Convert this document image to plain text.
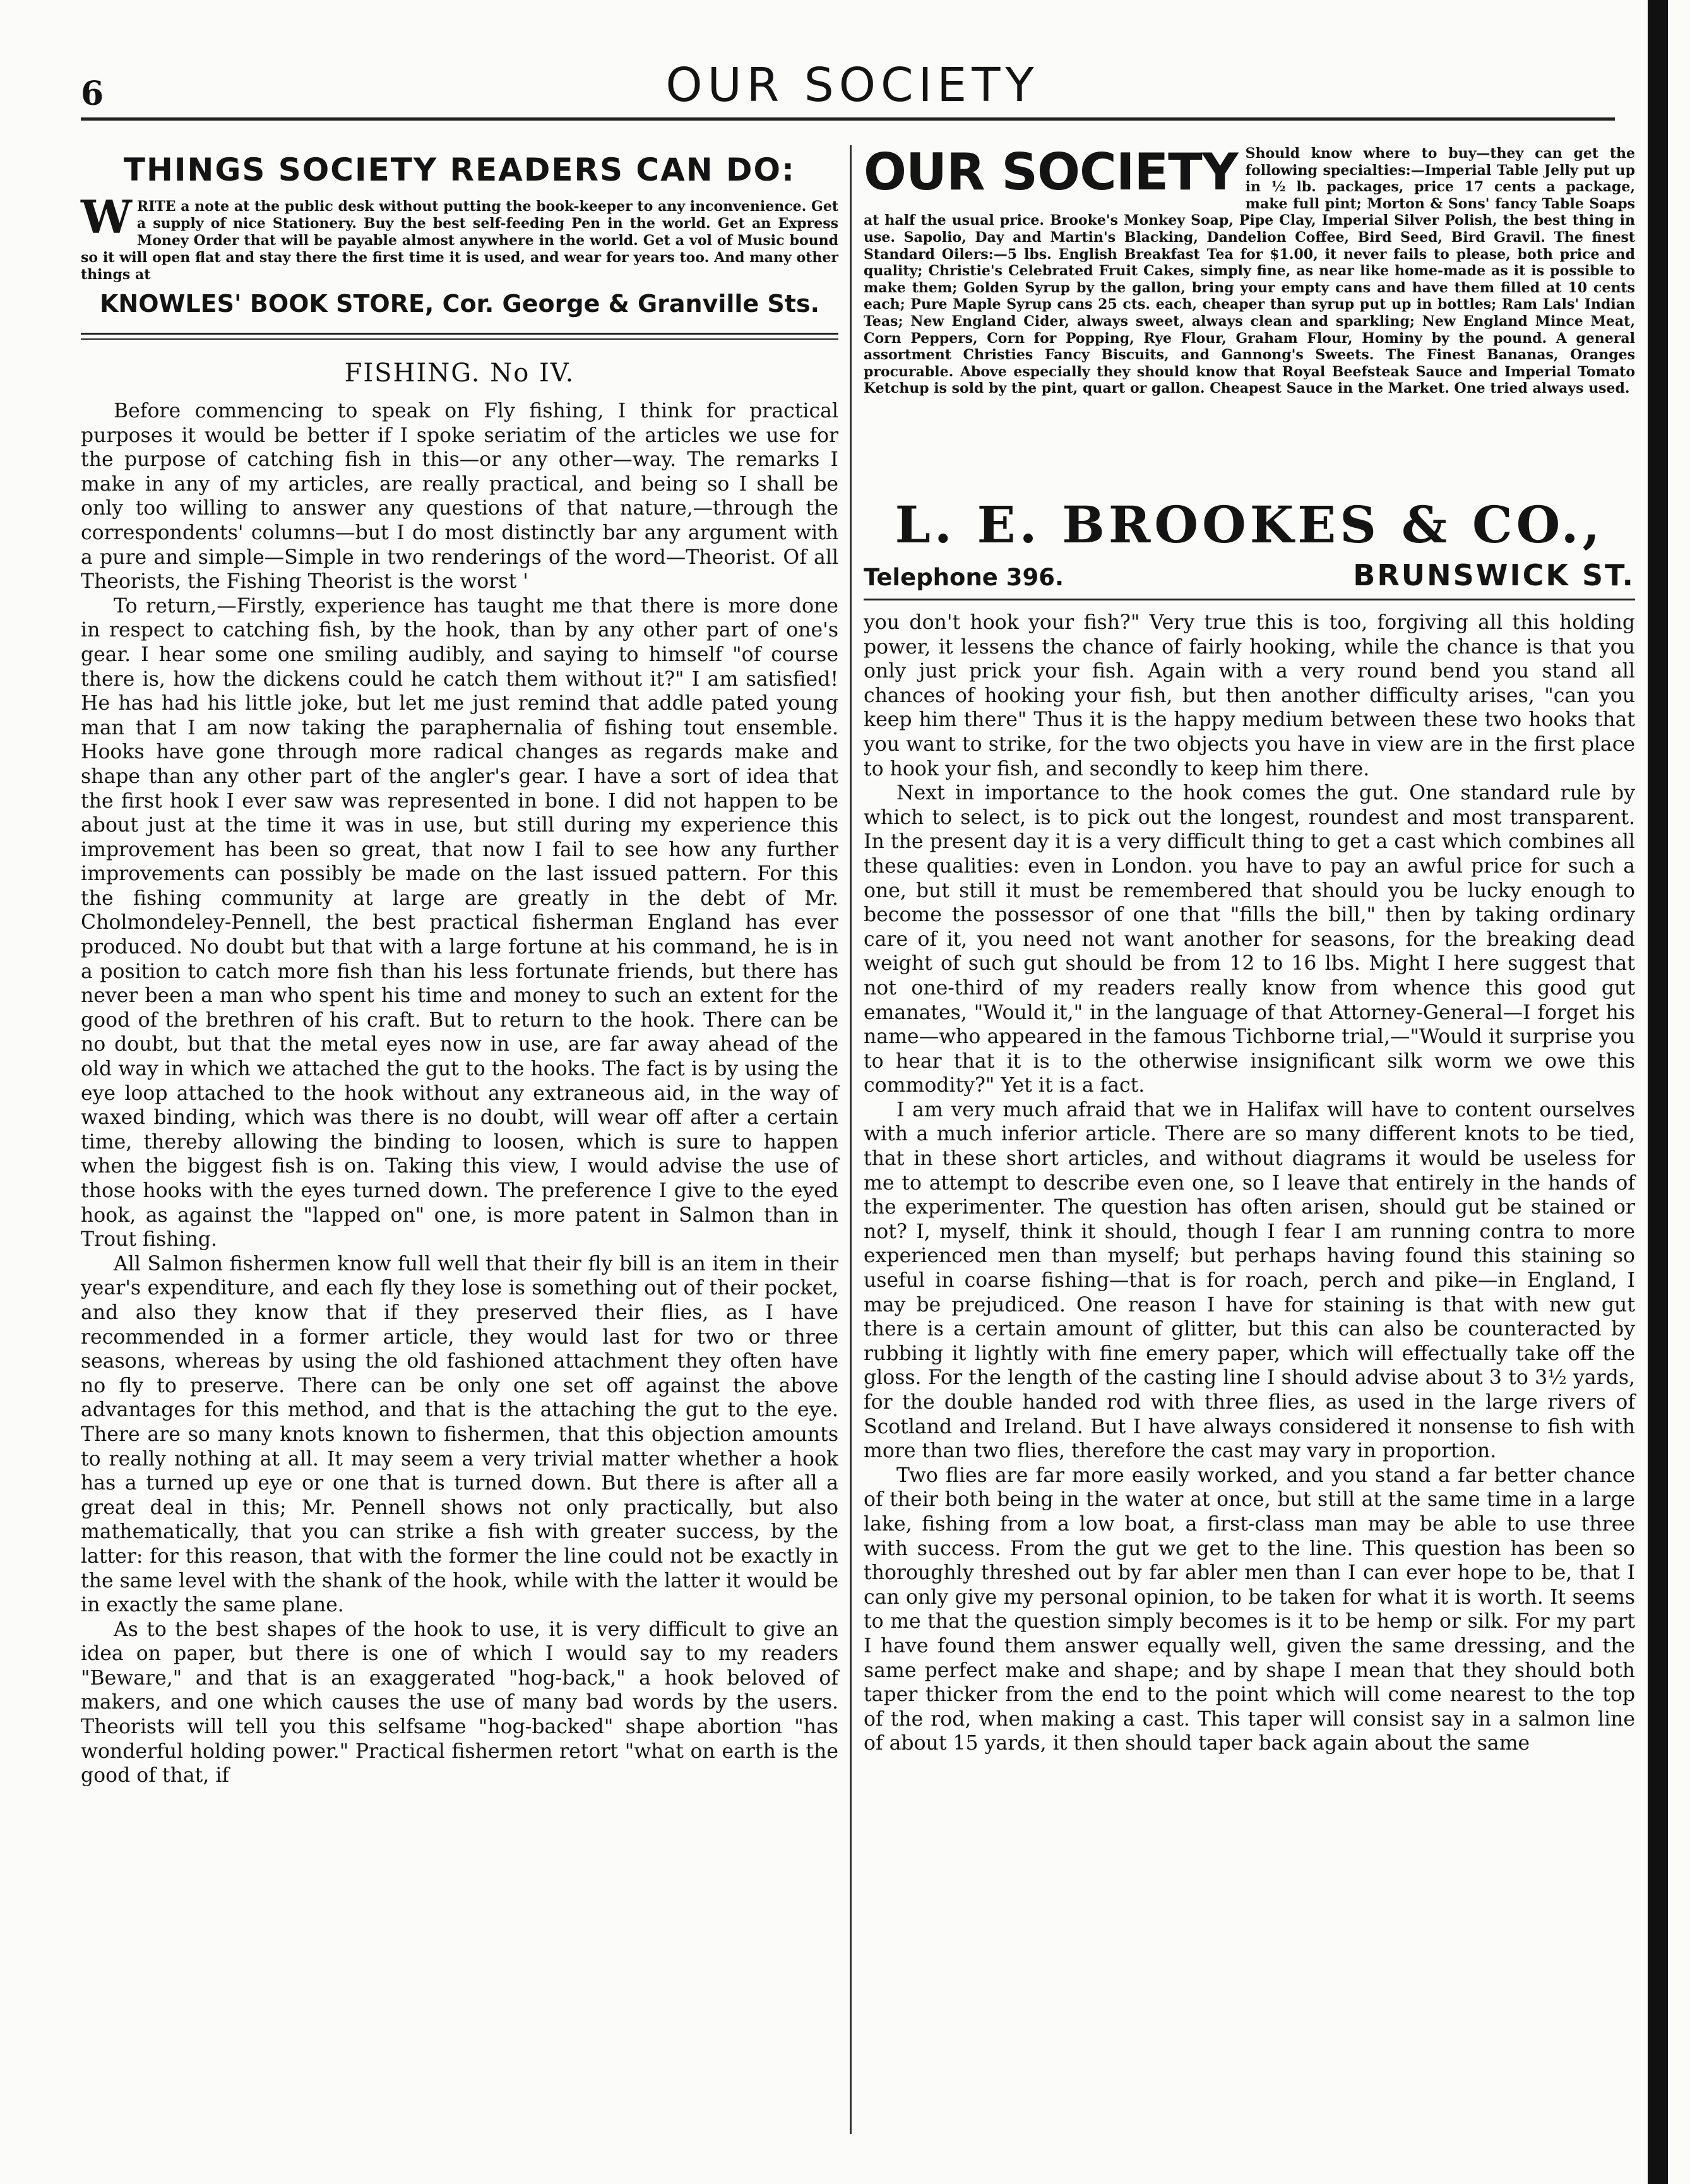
6	OUR SOCIETY
THINGS SOCIETY READERS CAN DO:
W RITE a note at the public desk without putting the book-keeper to any inconvenience. Get a supply of nice Stationery. Buy the best self-feeding Pen in the world. Get an Express Money Order that will be payable almost anywhere in the world. Get a vol of Music bound so it will open flat and stay there the first time it is used, and wear for years too. And many other things at
KNOWLES' BOOK STORE, Cor. George & Granville Sts.
FISHING. No IV.

Before commencing to speak on Fly fishing, I think for practical purposes it would be better if I spoke seriatim of the articles we use for the purpose of catching fish in this—or any other—way. The remarks I make in any of my articles, are really practical, and being so I shall be only too willing to answer any questions of that nature,—through the correspondents' columns—but I do most distinctly bar any argument with a pure and simple—Simple in two renderings of the word—Theorist. Of all Theorists, the Fishing Theorist is the worst '

To return,—Firstly, experience has taught me that there is more done in respect to catching fish, by the hook, than by any other part of one's gear. I hear some one smiling audibly, and saying to himself "of course there is, how the dickens could he catch them without it?" I am satisfied! He has had his little joke, but let me just remind that addle pated young man that I am now taking the paraphernalia of fishing tout ensemble. Hooks have gone through more radical changes as regards make and shape than any other part of the angler's gear. I have a sort of idea that the first hook I ever saw was represented in bone. I did not happen to be about just at the time it was in use, but still during my experience this improvement has been so great, that now I fail to see how any further improvements can possibly be made on the last issued pattern. For this the fishing community at large are greatly in the debt of Mr. Cholmondeley-Pennell, the best practical fisherman England has ever produced. No doubt but that with a large fortune at his command, he is in a position to catch more fish than his less fortunate friends, but there has never been a man who spent his time and money to such an extent for the good of the brethren of his craft. But to return to the hook. There can be no doubt, but that the metal eyes now in use, are far away ahead of the old way in which we attached the gut to the hooks. The fact is by using the eye loop attached to the hook without any extraneous aid, in the way of waxed binding, which was there is no doubt, will wear off after a certain time, thereby allowing the binding to loosen, which is sure to happen when the biggest fish is on. Taking this view, I would advise the use of those hooks with the eyes turned down. The preference I give to the eyed hook, as against the "lapped on" one, is more patent in Salmon than in Trout fishing.

All Salmon fishermen know full well that their fly bill is an item in their year's expenditure, and each fly they lose is something out of their pocket, and also they know that if they preserved their flies, as I have recommended in a former article, they would last for two or three seasons, whereas by using the old fashioned attachment they often have no fly to preserve. There can be only one set off against the above advantages for this method, and that is the attaching the gut to the eye. There are so many knots known to fishermen, that this objection amounts to really nothing at all. It may seem a very trivial matter whether a hook has a turned up eye or one that is turned down. But there is after all a great deal in this; Mr. Pennell shows not only practically, but also mathematically, that you can strike a fish with greater success, by the latter: for this reason, that with the former the line could not be exactly in the same level with the shank of the hook, while with the latter it would be in exactly the same plane.

As to the best shapes of the hook to use, it is very difficult to give an idea on paper, but there is one of which I would say to my readers "Beware," and that is an exaggerated "hog-back," a hook beloved of makers, and one which causes the use of many bad words by the users. Theorists will tell you this selfsame "hog-backed" shape abortion "has wonderful holding power." Practical fishermen retort "what on earth is the good of that, if

OUR SOCIETY Should know where to buy—they can get the following specialties:—Imperial Table Jelly put up in ½ lb. packages, price 17 cents a package, make full pint; Morton & Sons' fancy Table Soaps at half the usual price. Brooke's Monkey Soap, Pipe Clay, Imperial Silver Polish, the best thing in use. Sapolio, Day and Martin's Blacking, Dandelion Coffee, Bird Seed, Bird Gravil. The finest Standard Oilers:—5 lbs. English Breakfast Tea for $1.00, it never fails to please, both price and quality; Christie's Celebrated Fruit Cakes, simply fine, as near like home-made as it is possible to make them; Golden Syrup by the gallon, bring your empty cans and have them filled at 10 cents each; Pure Maple Syrup cans 25 cts. each, cheaper than syrup put up in bottles; Ram Lals' Indian Teas; New England Cider, always sweet, always clean and sparkling; New England Mince Meat, Corn Peppers, Corn for Popping, Rye Flour, Graham Flour, Hominy by the pound. A general assortment Christies Fancy Biscuits, and Gannong's Sweets. The Finest Bananas, Oranges procurable. Above especially they should know that Royal Beefsteak Sauce and Imperial Tomato Ketchup is sold by the pint, quart or gallon. Cheapest Sauce in the Market. One tried always used.
L. E. BROOKES & CO.,
Telephone 396.	BRUNSWICK ST.

you don't hook your fish?" Very true this is too, forgiving all this holding power, it lessens the chance of fairly hooking, while the chance is that you only just prick your fish. Again with a very round bend you stand all chances of hooking your fish, but then another difficulty arises, "can you keep him there" Thus it is the happy medium between these two hooks that you want to strike, for the two objects you have in view are in the first place to hook your fish, and secondly to keep him there.

Next in importance to the hook comes the gut. One standard rule by which to select, is to pick out the longest, roundest and most transparent. In the present day it is a very difficult thing to get a cast which combines all these qualities: even in London. you have to pay an awful price for such a one, but still it must be remembered that should you be lucky enough to become the possessor of one that "fills the bill," then by taking ordinary care of it, you need not want another for seasons, for the breaking dead weight of such gut should be from 12 to 16 lbs. Might I here suggest that not one-third of my readers really know from whence this good gut emanates, "Would it," in the language of that Attorney-General—I forget his name—who appeared in the famous Tichborne trial,—"Would it surprise you to hear that it is to the otherwise insignificant silk worm we owe this commodity?" Yet it is a fact.

I am very much afraid that we in Halifax will have to content ourselves with a much inferior article. There are so many different knots to be tied, that in these short articles, and without diagrams it would be useless for me to attempt to describe even one, so I leave that entirely in the hands of the experimenter. The question has often arisen, should gut be stained or not? I, myself, think it should, though I fear I am running contra to more experienced men than myself; but perhaps having found this staining so useful in coarse fishing—that is for roach, perch and pike—in England, I may be prejudiced. One reason I have for staining is that with new gut there is a certain amount of glitter, but this can also be counteracted by rubbing it lightly with fine emery paper, which will effectually take off the gloss. For the length of the casting line I should advise about 3 to 3½ yards, for the double handed rod with three flies, as used in the large rivers of Scotland and Ireland. But I have always considered it nonsense to fish with more than two flies, therefore the cast may vary in proportion.

Two flies are far more easily worked, and you stand a far better chance of their both being in the water at once, but still at the same time in a large lake, fishing from a low boat, a first-class man may be able to use three with success. From the gut we get to the line. This question has been so thoroughly threshed out by far abler men than I can ever hope to be, that I can only give my personal opinion, to be taken for what it is worth. It seems to me that the question simply becomes is it to be hemp or silk. For my part I have found them answer equally well, given the same dressing, and the same perfect make and shape; and by shape I mean that they should both taper thicker from the end to the point which will come nearest to the top of the rod, when making a cast. This taper will consist say in a salmon line of about 15 yards, it then should taper back again about the same
